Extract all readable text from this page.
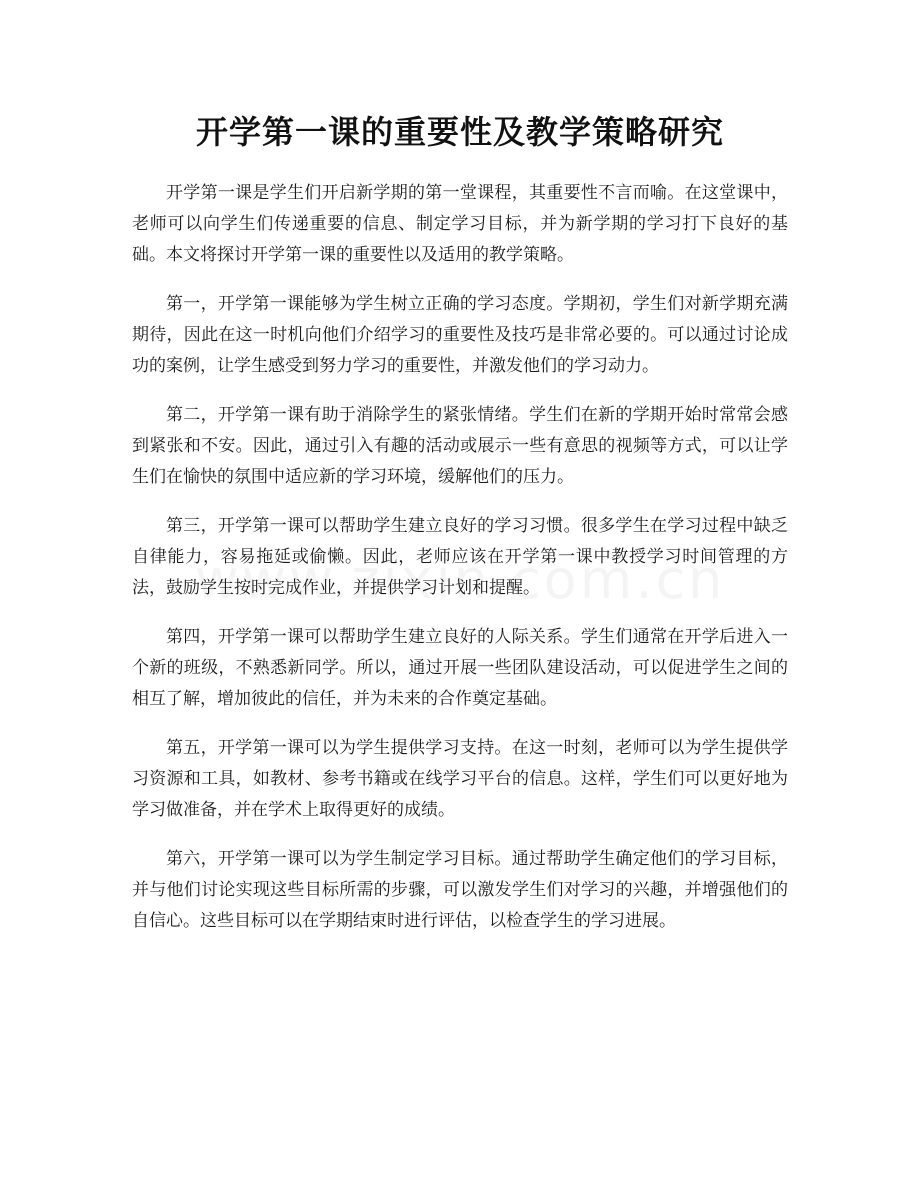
开学第一课的重要性及教学策略研究

开学第一课是学生们开启新学期的第一堂课程，其重要性不言而喻。在这堂课中，老师可以向学生们传递重要的信息、制定学习目标，并为新学期的学习打下良好的基础。本文将探讨开学第一课的重要性以及适用的教学策略。

第一，开学第一课能够为学生树立正确的学习态度。学期初，学生们对新学期充满期待，因此在这一时机向他们介绍学习的重要性及技巧是非常必要的。可以通过讨论成功的案例，让学生感受到努力学习的重要性，并激发他们的学习动力。

第二，开学第一课有助于消除学生的紧张情绪。学生们在新的学期开始时常常会感到紧张和不安。因此，通过引入有趣的活动或展示一些有意思的视频等方式，可以让学生们在愉快的氛围中适应新的学习环境，缓解他们的压力。

第三，开学第一课可以帮助学生建立良好的学习习惯。很多学生在学习过程中缺乏自律能力，容易拖延或偷懒。因此，老师应该在开学第一课中教授学习时间管理的方法，鼓励学生按时完成作业，并提供学习计划和提醒。

第四，开学第一课可以帮助学生建立良好的人际关系。学生们通常在开学后进入一个新的班级，不熟悉新同学。所以，通过开展一些团队建设活动，可以促进学生之间的相互了解，增加彼此的信任，并为未来的合作奠定基础。

第五，开学第一课可以为学生提供学习支持。在这一时刻，老师可以为学生提供学习资源和工具，如教材、参考书籍或在线学习平台的信息。这样，学生们可以更好地为学习做准备，并在学术上取得更好的成绩。

第六，开学第一课可以为学生制定学习目标。通过帮助学生确定他们的学习目标，并与他们讨论实现这些目标所需的步骤，可以激发学生们对学习的兴趣，并增强他们的自信心。这些目标可以在学期结束时进行评估，以检查学生的学习进展。
